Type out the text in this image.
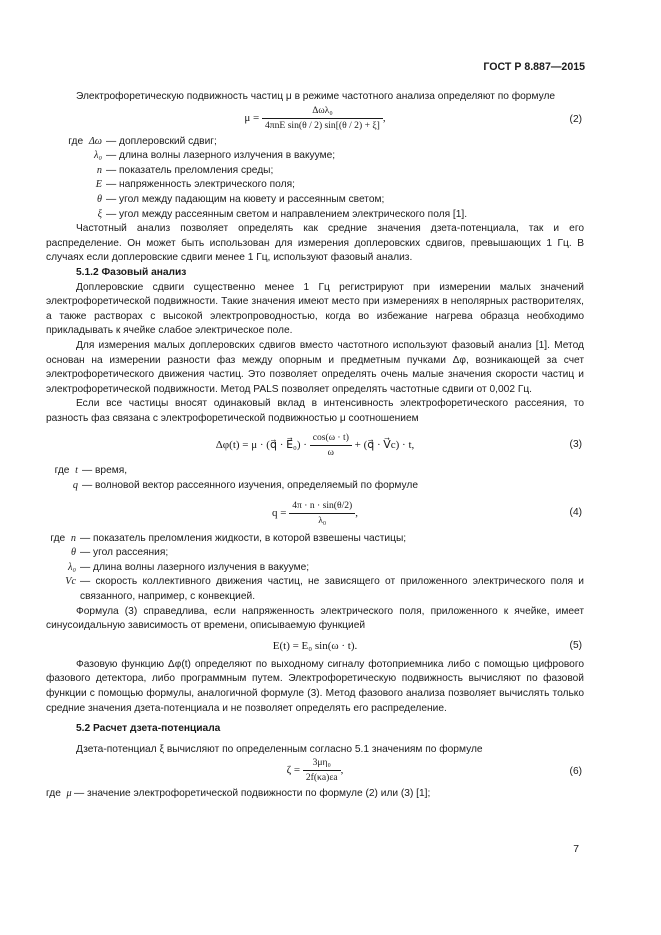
ГОСТ Р 8.887—2015

Электрофоретическую подвижность частиц μ в режиме частотного анализа определяют по формуле

$\mu = \frac{\text{Δωλ₀}}{\text{4πnE sin(θ / 2) sin[(θ / 2) + ξ]}}$ ,	(2)
где Δω — доплеровский сдвиг;
λ₀ — длина волны лазерного излучения в вакууме;
n — показатель преломления среды;
E — напряженность электрического поля;
θ — угол между падающим на кювету и рассеянным светом;
ξ — угол между рассеянным светом и направлением электрического поля [1].

Частотный анализ позволяет определять как средние значения дзета-потенциала, так и его распределение. Он может быть использован для измерения доплеровских сдвигов, превышающих 1 Гц. В случаях если доплеровские сдвиги менее 1 Гц, используют фазовый анализ.

5.1.2 Фазовый анализ

Доплеровские сдвиги существенно менее 1 Гц регистрируют при измерении малых значений электрофоретической подвижности. Такие значения имеют место при измерениях в неполярных растворителях, а также растворах с высокой электропроводностью, когда во избежание нагрева образца необходимо прикладывать к ячейке слабое электрическое поле.

Для измерения малых доплеровских сдвигов вместо частотного используют фазовый анализ [1]. Метод основан на измерении разности фаз между опорным и предметным пучками Δφ, возникающей за счет электрофоретического движения частиц. Это позволяет определять очень малые значения скорости частиц и электрофоретической подвижности. Метод PALS позволяет определять частотные сдвиги от 0,002 Гц.

Если все частицы вносят одинаковый вклад в интенсивность электрофоретического рассеяния, то разность фаз связана с электрофоретической подвижностью μ соотношением

Δφ(t) = μ · (q⃗ · E⃗₀) · $\frac{\cos(\omega \cdot t)}{\omega}$ + (q⃗ · V⃗c) · t,	(3)
где t — время,
q — волновой вектор рассеянного изучения, определяемый по формуле
$q = \frac{4\pi \cdot n \cdot \sin(\theta/2)}{\text{λ₀}}$ ,	(4)
где n — показатель преломления жидкости, в которой взвешены частицы;
θ — угол рассеяния;
λ₀ — длина волны лазерного излучения в вакууме;
Vc — скорость коллективного движения частиц, не зависящего от приложенного электрического поля и связанного, например, с конвекцией.

Формула (3) справедлива, если напряженность электрического поля, приложенного к ячейке, имеет синусоидальную зависимость от времени, описываемую функцией

E(t) = E₀ sin(ω · t).	(5)

Фазовую функцию Δφ(t) определяют по выходному сигналу фотоприемника либо с помощью цифрового фазового детектора, либо программным путем. Электрофоретическую подвижность вычисляют по фазовой функции с помощью формулы, аналогичной формуле (3). Метод фазового анализа позволяет вычислять только средние значения дзета-потенциала и не позволяет определять его распределение.

5.2 Расчет дзета-потенциала

Дзета-потенциал ξ вычисляют по определенным согласно 5.1 значениям по формуле

$\zeta = \frac{\text{3μη₀}}{2f(\kappa a)\varepsilon a}$ ,	(6)
где μ — значение электрофоретической подвижности по формуле (2) или (3) [1];
7
